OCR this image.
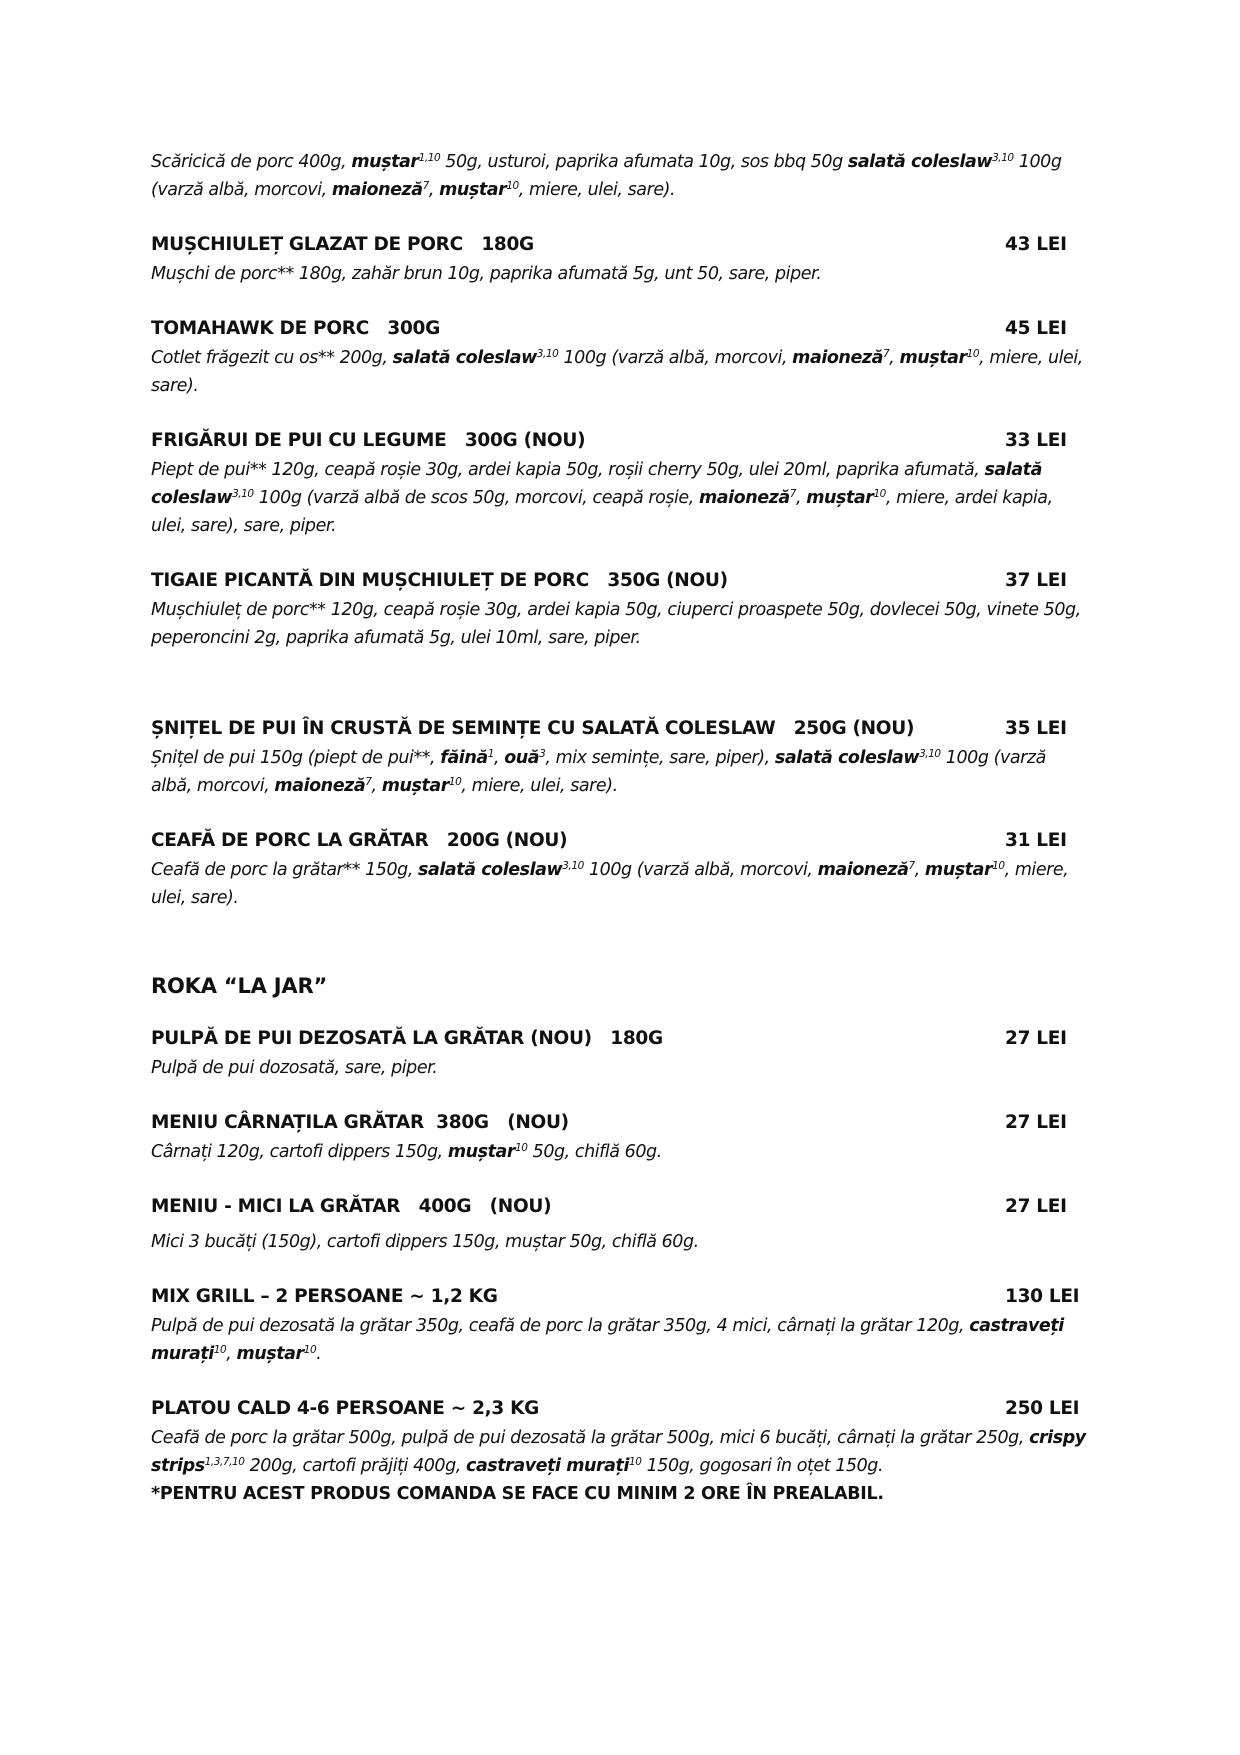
Scăricică de porc 400g, muștar$^{1,10}$ 50g, usturoi, paprika afumata 10g, sos bbq 50g salată coleslaw$^{3,10}$ 100g (varză albă, morcovi, maioneză$^7$, muștar$^{10}$, miere, ulei, sare).

MUȘCHIULEȚ GLAZAT DE PORC   180G	43 LEI

Mușchi de porc** 180g, zahăr brun 10g, paprika afumată 5g, unt 50, sare, piper.

TOMAHAWK DE PORC   300G	45 LEI

Cotlet frăgezit cu os** 200g, salată coleslaw$^{3,10}$ 100g (varză albă, morcovi, maioneză$^7$, muștar$^{10}$, miere, ulei, sare).

FRIGĂRUI DE PUI CU LEGUME   300G (NOU)	33 LEI

Piept de pui** 120g, ceapă roșie 30g, ardei kapia 50g, roșii cherry 50g, ulei 20ml, paprika afumată, salată coleslaw$^{3,10}$ 100g (varză albă de scos 50g, morcovi, ceapă roșie, maioneză$^7$, muștar$^{10}$, miere, ardei kapia, ulei, sare), sare, piper.

TIGAIE PICANTĂ DIN MUȘCHIULEȚ DE PORC   350G (NOU)	37 LEI

Mușchiuleț de porc** 120g, ceapă roșie 30g, ardei kapia 50g, ciuperci proaspete 50g, dovlecei 50g, vinete 50g, peperoncini 2g, paprika afumată 5g, ulei 10ml, sare, piper.

ȘNIȚEL DE PUI ÎN CRUSTĂ DE SEMINȚE CU SALATĂ COLESLAW   250G (NOU)	35 LEI

Șnițel de pui 150g (piept de pui**, făină$^1$, ouă$^3$, mix semințe, sare, piper), salată coleslaw$^{3,10}$ 100g (varză albă, morcovi, maioneză$^7$, muștar$^{10}$, miere, ulei, sare).

CEAFĂ DE PORC LA GRĂTAR   200G (NOU)	31 LEI

Ceafă de porc la grătar** 150g, salată coleslaw$^{3,10}$ 100g (varză albă, morcovi, maioneză$^7$, muștar$^{10}$, miere, ulei, sare).

ROKA “LA JAR”
PULPĂ DE PUI DEZOSATĂ LA GRĂTAR (NOU)   180G	27 LEI

Pulpă de pui dozosată, sare, piper.

MENIU CÂRNAȚILA GRĂTAR  380G   (NOU)	27 LEI

Cârnați 120g, cartofi dippers 150g, muștar$^{10}$ 50g, chiflă 60g.

MENIU - MICI LA GRĂTAR   400G   (NOU)	27 LEI

Mici 3 bucăți (150g), cartofi dippers 150g, muștar 50g, chiflă 60g.

MIX GRILL – 2 PERSOANE ~ 1,2 KG	130 LEI

Pulpă de pui dezosată la grătar 350g, ceafă de porc la grătar 350g, 4 mici, cârnați la grătar 120g, castraveți murați$^{10}$, muștar$^{10}$.

PLATOU CALD 4-6 PERSOANE ~ 2,3 KG	250 LEI

Ceafă de porc la grătar 500g, pulpă de pui dezosată la grătar 500g, mici 6 bucăți, cârnați la grătar 250g, crispy strips$^{1,3,7,10}$ 200g, cartofi prăjiți 400g, castraveți murați$^{10}$ 150g, gogosari în oțet 150g.

*PENTRU ACEST PRODUS COMANDA SE FACE CU MINIM 2 ORE ÎN PREALABIL.
